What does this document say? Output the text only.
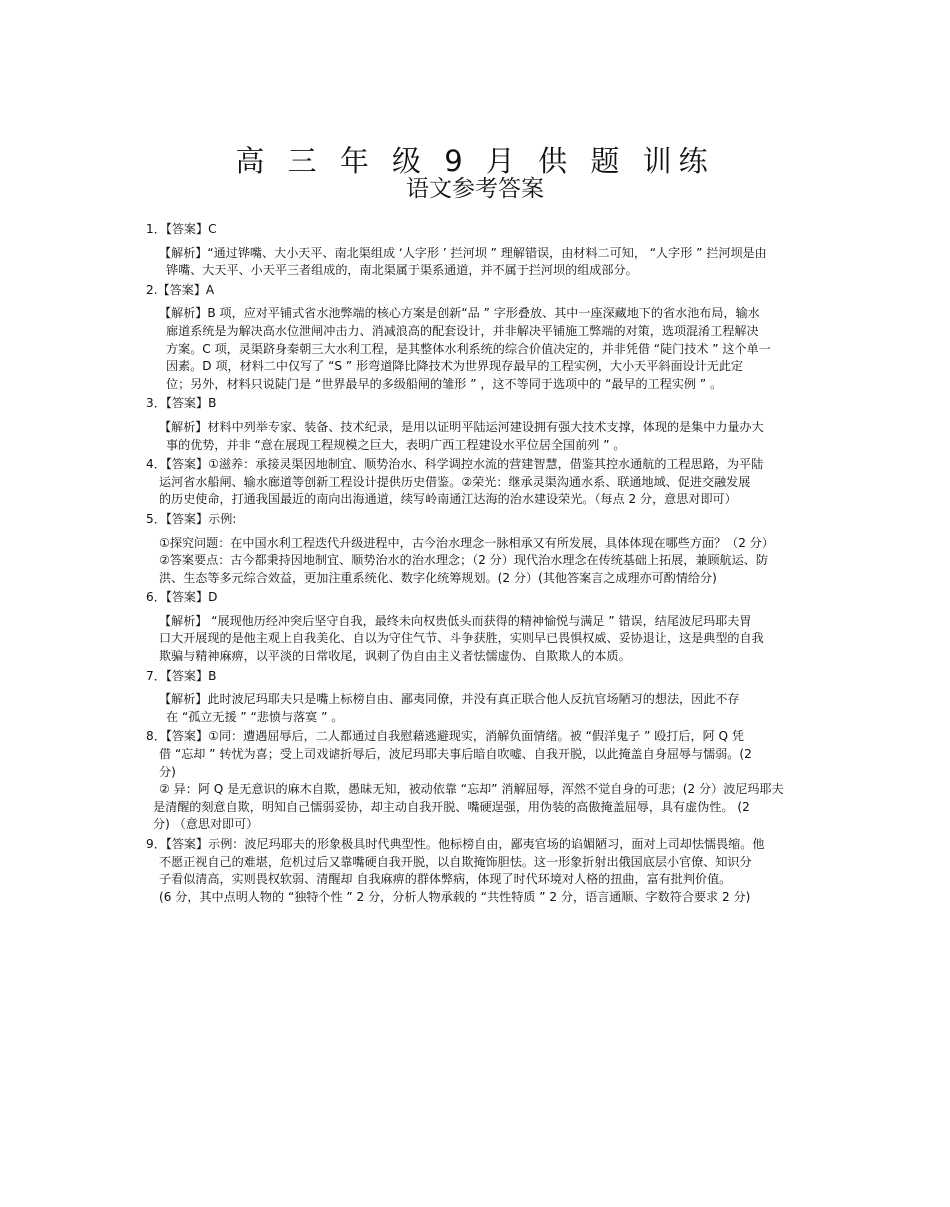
高 三 年 级 9 月 供 题 训练
语文参考答案
1．【答案】C
【解析】“通过铧嘴、大小天平、南北渠组成 ‘人字形 ’ 拦河坝 ” 理解错误，由材料二可知， “人字形 ” 拦河坝是由
铧嘴、大天平、小天平三者组成的，南北渠属于渠系通道，并不属于拦河坝的组成部分。
2.【答案】A
【解析】B 项，应对平铺式省水池弊端的核心方案是创新“品 ” 字形叠放、其中一座深藏地下的省水池布局，输水
廊道系统是为解决高水位泄闸冲击力、消减浪高的配套设计，并非解决平铺施工弊端的对策，选项混淆工程解决
方案。C 项，灵渠跻身秦朝三大水利工程，是其整体水利系统的综合价值决定的，并非凭借 “陡门技术 ” 这个单一
因素。D 项，材料二中仅写了 “S ” 形弯道降比降技术为世界现存最早的工程实例，大小天平斜面设计无此定
位；另外，材料只说陡门是 “世界最早的多级船闸的雏形 ” ，这不等同于选项中的 “最早的工程实例 ” 。
3．【答案】B
【解析】材料中列举专家、装备、技术纪录，是用以证明平陆运河建设拥有强大技术支撑，体现的是集中力量办大
事的优势，并非 “意在展现工程规模之巨大，表明广西工程建设水平位居全国前列 ” 。
4．【答案】①滋养：承接灵渠因地制宜、顺势治水、科学调控水流的营建智慧，借鉴其控水通航的工程思路，为平陆
运河省水船闸、输水廊道等创新工程设计提供历史借鉴。②荣光：继承灵渠沟通水系、联通地域、促进交融发展
的历史使命，打通我国最近的南向出海通道，续写岭南通江达海的治水建设荣光。（每点 2 分，意思对即可）
5．【答案】示例:
①探究问题：在中国水利工程迭代升级进程中，古今治水理念一脉相承又有所发展，具体体现在哪些方面？（2 分）
②答案要点：古今都秉持因地制宜、顺势治水的治水理念；（2 分）现代治水理念在传统基础上拓展，兼顾航运、防
洪、生态等多元综合效益，更加注重系统化、数字化统筹规划。(2 分）(其他答案言之成理亦可酌情给分)
6．【答案】D
【解析】 “展现他历经冲突后坚守自我，最终未向权贵低头而获得的精神愉悦与满足 ” 错误，结尾波尼玛耶夫胃
口大开展现的是他主观上自我美化、自以为守住气节、斗争获胜，实则早已畏惧权威、妥协退让，这是典型的自我
欺骗与精神麻痹，以平淡的日常收尾，讽刺了伪自由主义者怯懦虚伪、自欺欺人的本质。
7．【答案】B
【解析】此时波尼玛耶夫只是嘴上标榜自由、鄙夷同僚，并没有真正联合他人反抗官场陋习的想法，因此不存
在 “孤立无援 ” “悲愤与落寞 ” 。
8．【答案】①同：遭遇屈辱后，二人都通过自我慰藉逃避现实，消解负面情绪。被 “假洋鬼子 ” 殴打后，阿 Q 凭
借 “忘却 ” 转忧为喜；受上司戏谑折辱后，波尼玛耶夫事后暗自吹嘘、自我开脱，以此掩盖自身屈辱与懦弱。(2
分)
② 异：阿 Q 是无意识的麻木自欺，愚昧无知，被动依靠 “忘却” 消解屈辱，浑然不觉自身的可悲；(2 分）波尼玛耶夫
是清醒的刻意自欺，明知自己懦弱妥协，却主动自我开脱、嘴硬逞强，用伪装的高傲掩盖屈辱，具有虚伪性。 (2
分) （意思对即可）
9．【答案】示例：波尼玛耶夫的形象极具时代典型性。他标榜自由，鄙夷官场的谄媚陋习，面对上司却怯懦畏缩。他
不愿正视自己的难堪，危机过后又靠嘴硬自我开脱，以自欺掩饰胆怯。这一形象折射出俄国底层小官僚、知识分
子看似清高，实则畏权软弱、清醒却 自我麻痹的群体弊病，体现了时代环境对人格的扭曲，富有批判价值。
(6 分，其中点明人物的 “独特个性 ” 2 分，分析人物承载的 “共性特质 ” 2 分，语言通顺、字数符合要求 2 分)
